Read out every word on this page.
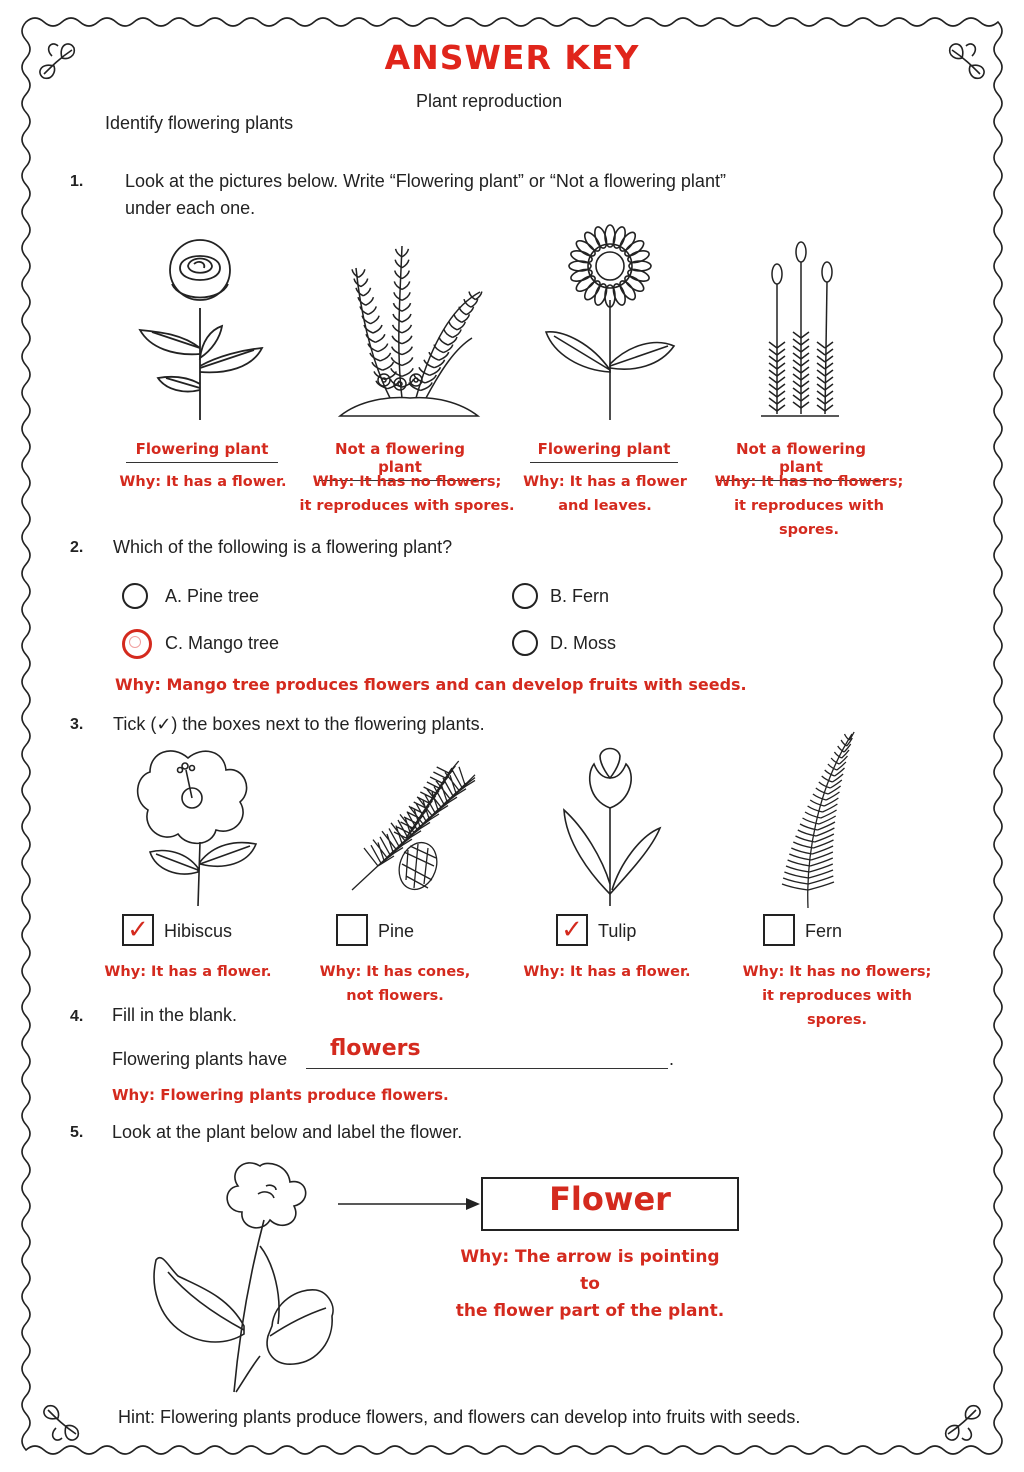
ANSWER KEY
Plant reproduction
Identify flowering plants
1. Look at the pictures below. Write “Flowering plant” or “Not a flowering plant”
under each one.
Flowering plant
Why: It has a flower.
Not a flowering plant
Why: It has no flowers;
it reproduces with spores.
Flowering plant
Why: It has a flower
and leaves.
Not a flowering plant
Why: It has no flowers;
it reproduces with spores.
2. Which of the following is a flowering plant?
A. Pine tree	B. Fern
C. Mango tree	D. Moss
Why: Mango tree produces flowers and can develop fruits with seeds.
3. Tick (✓) the boxes next to the flowering plants.
✓ Hibiscus	Pine	✓ Tulip	Fern
Why: It has a flower.	Why: It has cones,
not flowers.
Why: It has a flower.	Why: It has no flowers;
it reproduces with spores.
4. Fill in the blank.
Flowering plants have flowers	.
Why: Flowering plants produce flowers.
5. Look at the plant below and label the flower.
Flower
Why: The arrow is pointing to
the flower part of the plant.
Hint: Flowering plants produce flowers, and flowers can develop into fruits with seeds.
